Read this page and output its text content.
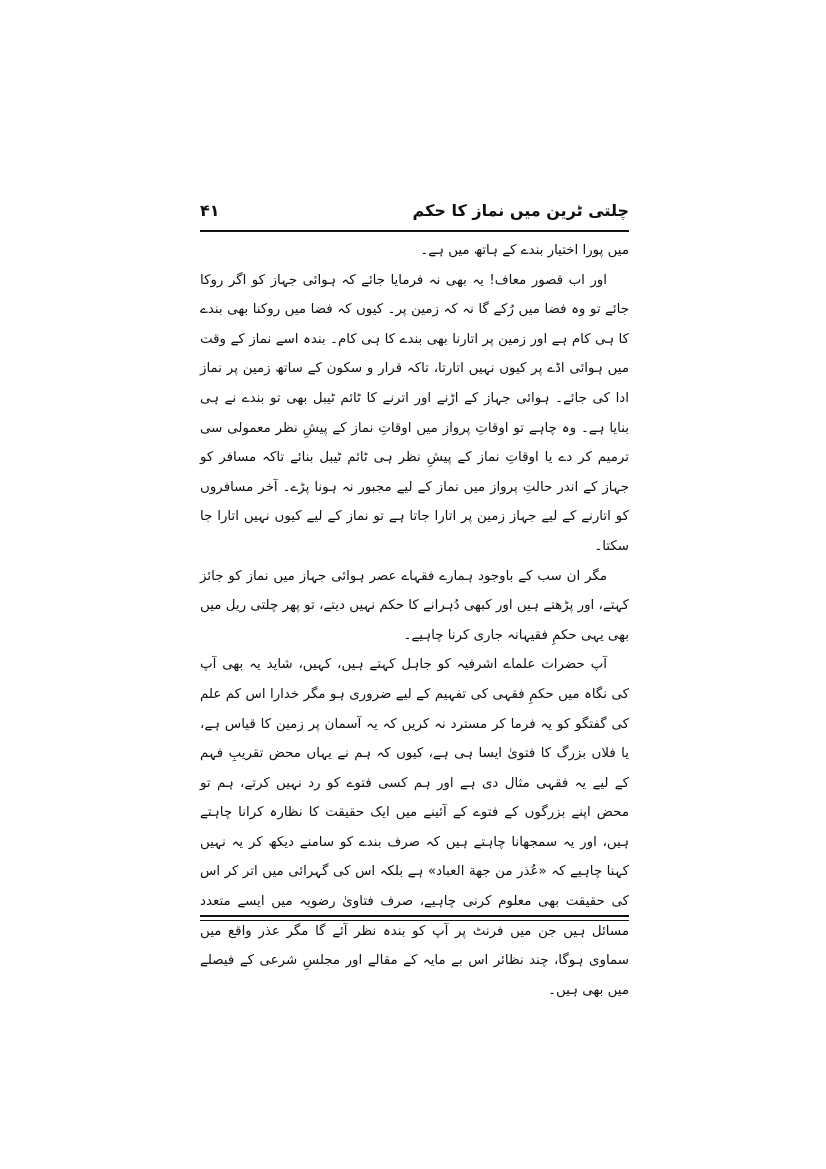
چلتی ٹرین میں نماز کا حکم
۴۱

میں پورا اختیار بندے کے ہاتھ میں ہے۔

اور اب قصور معاف! یہ بھی نہ فرمایا جائے کہ ہوائی جہاز کو اگر روکا جائے تو وہ فضا میں رُکے گا نہ کہ زمین پر۔ کیوں کہ فضا میں روکنا بھی بندے کا ہی کام ہے اور زمین پر اتارنا بھی بندے کا ہی کام۔ بندہ اسے نماز کے وقت میں ہوائی اڈے پر کیوں نہیں اتارتا، تاکہ قرار و سکون کے ساتھ زمین پر نماز ادا کی جائے۔ ہوائی جہاز کے اڑنے اور اترنے کا ٹائم ٹیبل بھی تو بندے نے ہی بنایا ہے۔ وہ چاہے تو اوقاتِ پرواز میں اوقاتِ نماز کے پیشِ نظر معمولی سی ترمیم کر دے یا اوقاتِ نماز کے پیشِ نظر ہی ٹائم ٹیبل بنائے تاکہ مسافر کو جہاز کے اندر حالتِ پرواز میں نماز کے لیے مجبور نہ ہونا پڑے۔ آخر مسافروں کو اتارنے کے لیے جہاز زمین پر اتارا جاتا ہے تو نماز کے لیے کیوں نہیں اتارا جا سکتا۔

مگر ان سب کے باوجود ہمارے فقہاے عصر ہوائی جہاز میں نماز کو جائز کہتے، اور پڑھتے ہیں اور کبھی دُہرانے کا حکم نہیں دیتے، تو پھر چلتی ریل میں بھی یہی حکمِ فقیہانہ جاری کرنا چاہیے۔

آپ حضرات علماے اشرفیہ کو جاہل کہتے ہیں، کہیں، شاید یہ بھی آپ کی نگاہ میں حکمِ فقہی کی تفہیم کے لیے ضروری ہو مگر خدارا اس کم علم کی گفتگو کو یہ فرما کر مسترد نہ کریں کہ یہ آسمان پر زمین کا قیاس ہے، یا فلاں بزرگ کا فتویٰ ایسا ہی ہے، کیوں کہ ہم نے یہاں محض تقریبِ فہم کے لیے یہ فقہی مثال دی ہے اور ہم کسی فتوے کو رد نہیں کرتے، ہم تو محض اپنے بزرگوں کے فتوے کے آئینے میں ایک حقیقت کا نظارہ کرانا چاہتے ہیں، اور یہ سمجھانا چاہتے ہیں کہ صرف بندے کو سامنے دیکھ کر یہ نہیں کہنا چاہیے کہ «عُذر من جهة العباد» ہے بلکہ اس کی گہرائی میں اتر کر اس کی حقیقت بھی معلوم کرنی چاہیے، صرف فتاویٰ رضویہ میں ایسے متعدد مسائل ہیں جن میں فرنٹ پر آپ کو بندہ نظر آئے گا مگر عذر واقع میں سماوی ہوگا، چند نظائر اس بے مایہ کے مقالے اور مجلسِ شرعی کے فیصلے میں بھی ہیں۔
